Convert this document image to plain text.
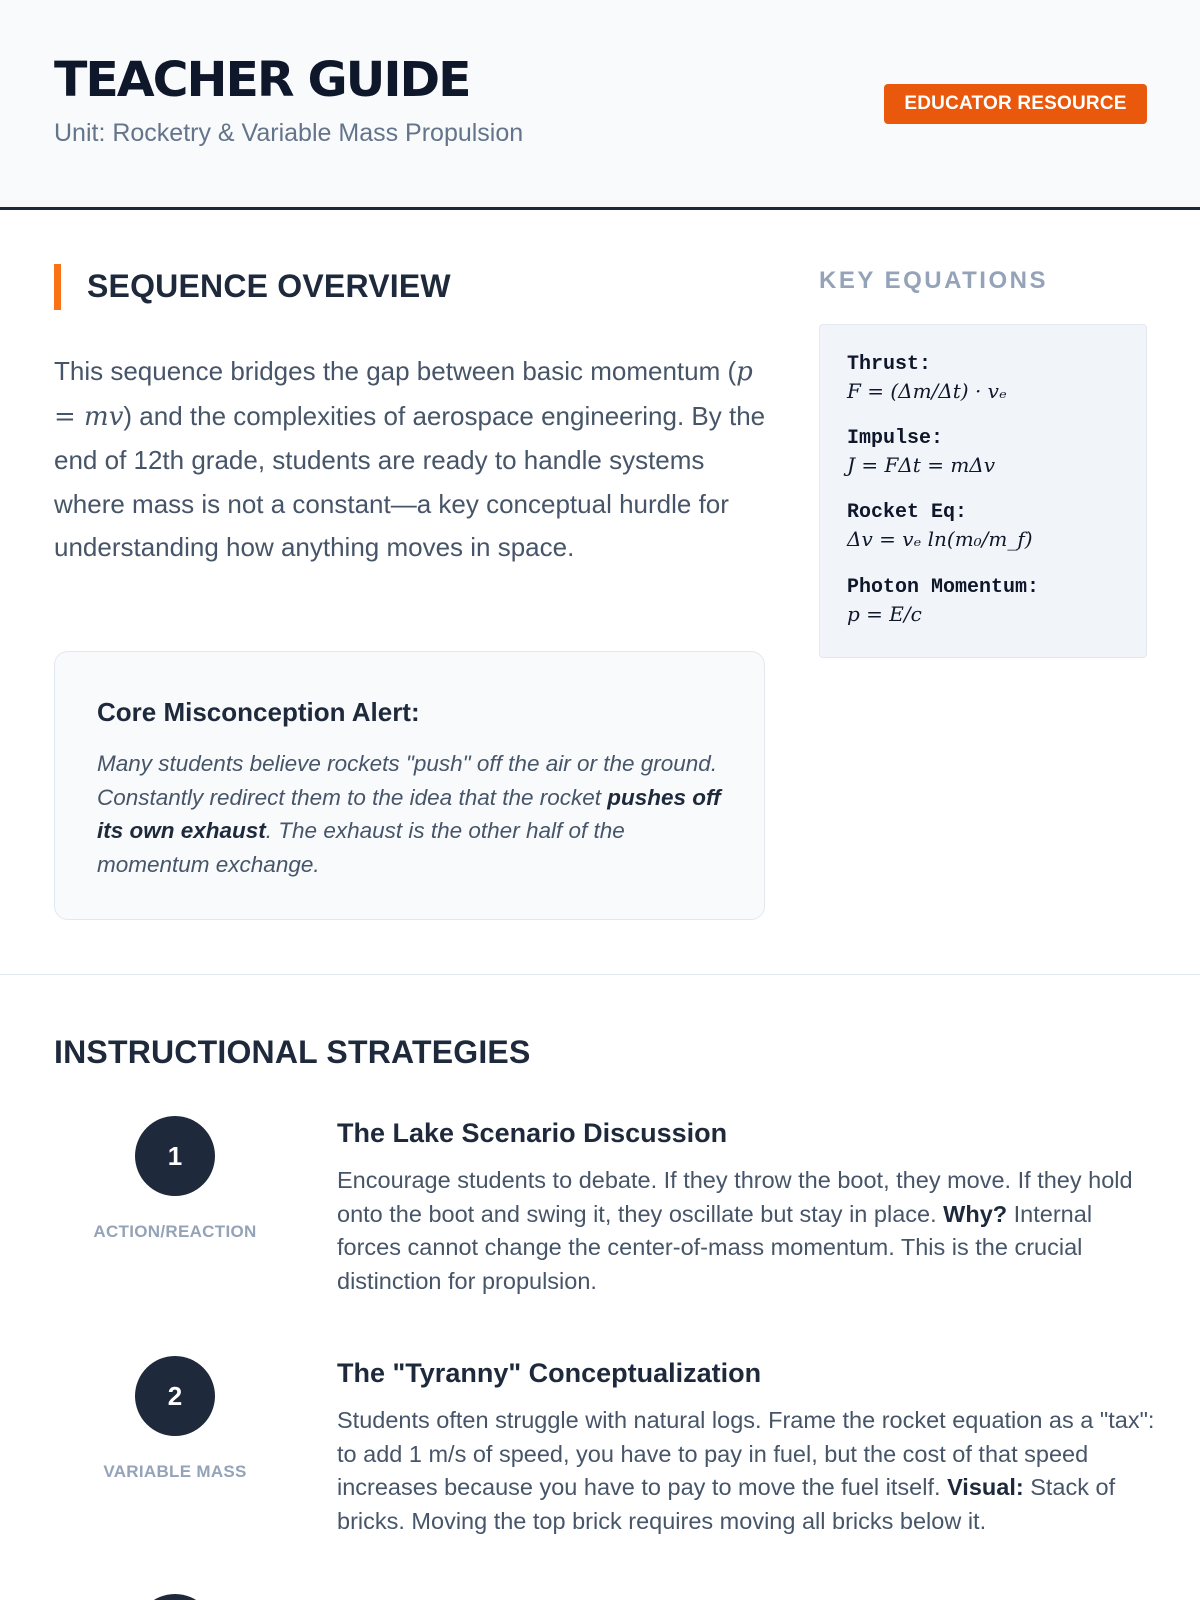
TEACHER GUIDE
Unit: Rocketry & Variable Mass Propulsion
EDUCATOR RESOURCE
SEQUENCE OVERVIEW
This sequence bridges the gap between basic momentum (p = mv) and the complexities of aerospace engineering. By the end of 12th grade, students are ready to handle systems where mass is not a constant—a key conceptual hurdle for understanding how anything moves in space.
Core Misconception Alert:
Many students believe rockets "push" off the air or the ground. Constantly redirect them to the idea that the rocket pushes off its own exhaust. The exhaust is the other half of the momentum exchange.
KEY EQUATIONS
Thrust:
F = (Δm/Δt) · vₑ
Impulse:
J = FΔt = mΔv
Rocket Eq:
Δv = vₑ ln(m₀/m_f)
Photon Momentum:
p = E/c
INSTRUCTIONAL STRATEGIES
1
ACTION/REACTION
The Lake Scenario Discussion
Encourage students to debate. If they throw the boot, they move. If they hold onto the boot and swing it, they oscillate but stay in place. Why? Internal forces cannot change the center-of-mass momentum. This is the crucial distinction for propulsion.
2
VARIABLE MASS
The "Tyranny" Conceptualization
Students often struggle with natural logs. Frame the rocket equation as a "tax": to add 1 m/s of speed, you have to pay in fuel, but the cost of that speed increases because you have to pay to move the fuel itself. Visual: Stack of bricks. Moving the top brick requires moving all bricks below it.
